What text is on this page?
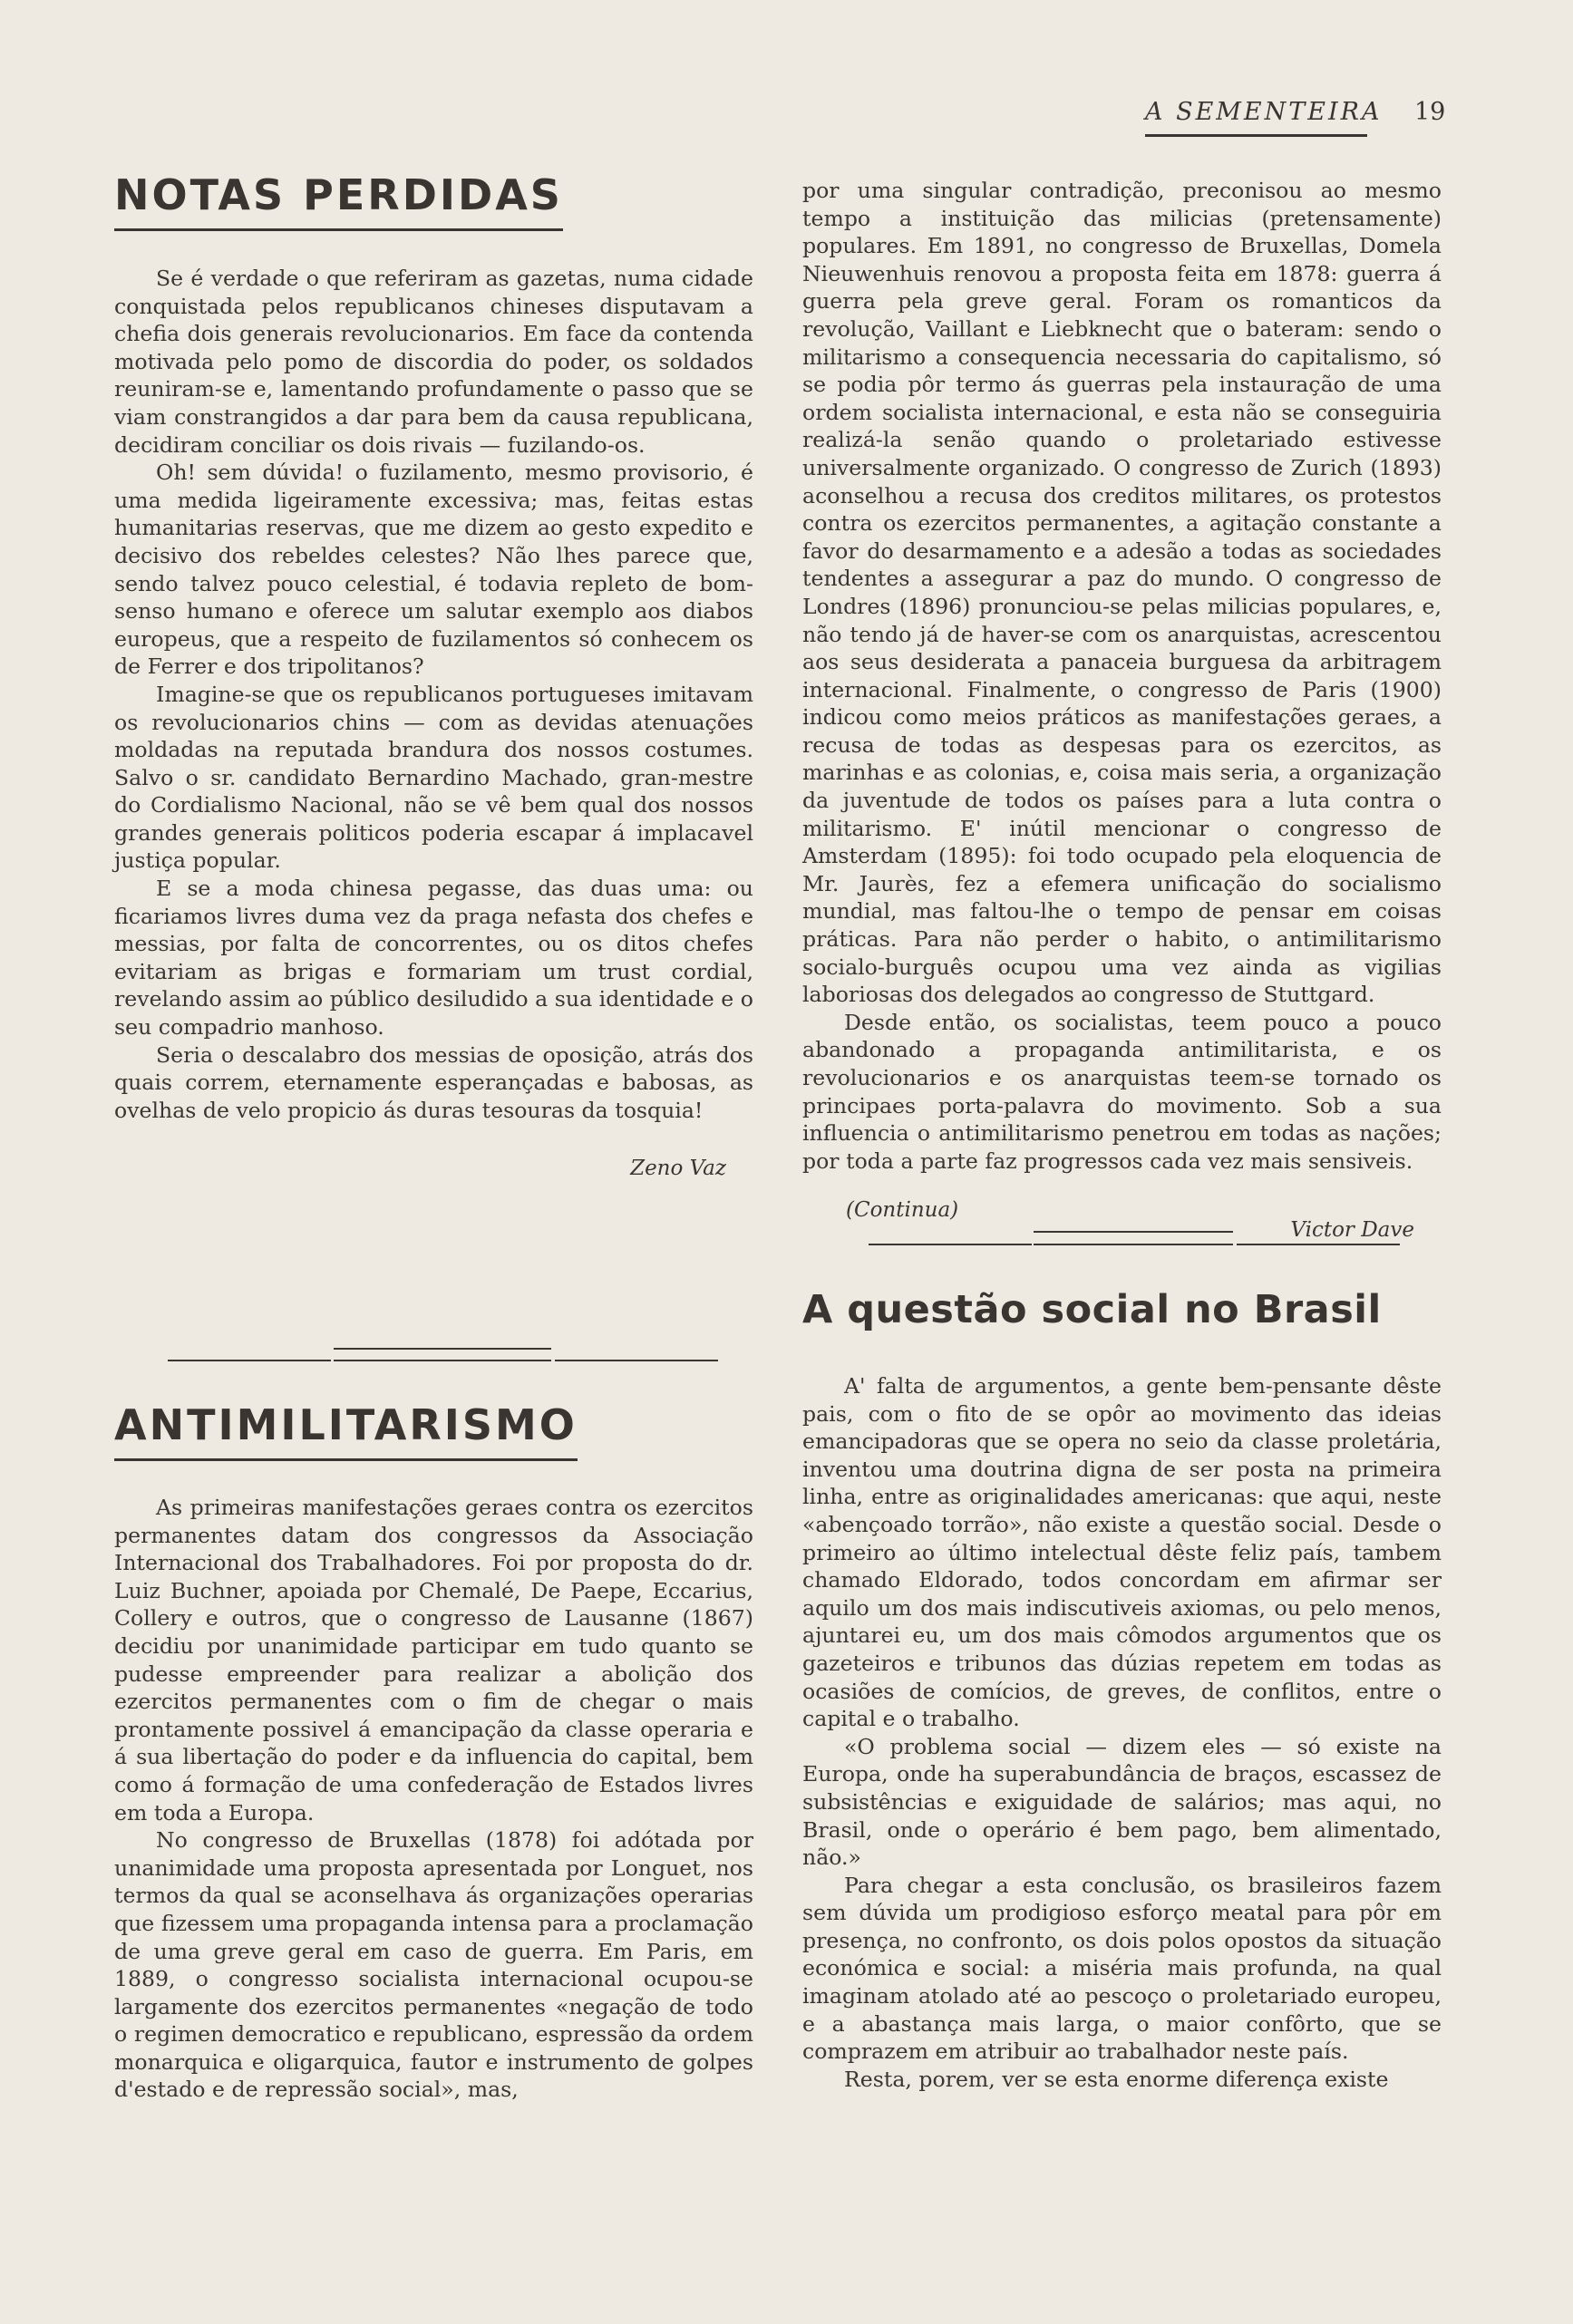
A SEMENTEIRA 19
NOTAS PERDIDAS

Se é verdade o que referiram as gazetas, numa cidade conquistada pelos republicanos chineses disputavam a chefia dois generais revolucionarios. Em face da contenda motivada pelo pomo de discordia do poder, os soldados reuniram-se e, lamentando profundamente o passo que se viam constrangidos a dar para bem da causa republicana, decidiram conciliar os dois rivais — fuzilando-os.

Oh! sem dúvida! o fuzilamento, mesmo provisorio, é uma medida ligeiramente excessiva; mas, feitas estas humanitarias reservas, que me dizem ao gesto expedito e decisivo dos rebeldes celestes? Não lhes parece que, sendo talvez pouco celestial, é todavia repleto de bom-senso humano e oferece um salutar exemplo aos diabos europeus, que a respeito de fuzilamentos só conhecem os de Ferrer e dos tripolitanos?

Imagine-se que os republicanos portugueses imitavam os revolucionarios chins — com as devidas atenuações moldadas na reputada brandura dos nossos costumes. Salvo o sr. candidato Bernardino Machado, gran-mestre do Cordialismo Nacional, não se vê bem qual dos nossos grandes generais politicos poderia escapar á implacavel justiça popular.

E se a moda chinesa pegasse, das duas uma: ou ficariamos livres duma vez da praga nefasta dos chefes e messias, por falta de concorrentes, ou os ditos chefes evitariam as brigas e formariam um trust cordial, revelando assim ao público desiludido a sua identidade e o seu compadrio manhoso.

Seria o descalabro dos messias de oposição, atrás dos quais correm, eternamente esperançadas e babosas, as ovelhas de velo propicio ás duras tesouras da tosquia!

Zeno Vaz
ANTIMILITARISMO

As primeiras manifestações geraes contra os ezercitos permanentes datam dos congressos da Associação Internacional dos Trabalhadores. Foi por proposta do dr. Luiz Buchner, apoiada por Chemalé, De Paepe, Eccarius, Collery e outros, que o congresso de Lausanne (1867) decidiu por unanimidade participar em tudo quanto se pudesse empreender para realizar a abolição dos ezercitos permanentes com o fim de chegar o mais prontamente possivel á emancipação da classe operaria e á sua libertação do poder e da influencia do capital, bem como á formação de uma confederação de Estados livres em toda a Europa.

No congresso de Bruxellas (1878) foi adótada por unanimidade uma proposta apresentada por Longuet, nos termos da qual se aconselhava ás organizações operarias que fizessem uma propaganda intensa para a proclamação de uma greve geral em caso de guerra. Em Paris, em 1889, o congresso socialista internacional ocupou-se largamente dos ezercitos permanentes «negação de todo o regimen democratico e republicano, espressão da ordem monarquica e oligarquica, fautor e instrumento de golpes d'estado e de repressão social», mas,

por uma singular contradição, preconisou ao mesmo tempo a instituição das milicias (pretensamente) populares. Em 1891, no congresso de Bruxellas, Domela Nieuwenhuis renovou a proposta feita em 1878: guerra á guerra pela greve geral. Foram os romanticos da revolução, Vaillant e Liebknecht que o bateram: sendo o militarismo a consequencia necessaria do capitalismo, só se podia pôr termo ás guerras pela instauração de uma ordem socialista internacional, e esta não se conseguiria realizá-la senão quando o proletariado estivesse universalmente organizado. O congresso de Zurich (1893) aconselhou a recusa dos creditos militares, os protestos contra os ezercitos permanentes, a agitação constante a favor do desarmamento e a adesão a todas as sociedades tendentes a assegurar a paz do mundo. O congresso de Londres (1896) pronunciou-se pelas milicias populares, e, não tendo já de haver-se com os anarquistas, acrescentou aos seus desiderata a panaceia burguesa da arbitragem internacional. Finalmente, o congresso de Paris (1900) indicou como meios práticos as manifestações geraes, a recusa de todas as despesas para os ezercitos, as marinhas e as colonias, e, coisa mais seria, a organização da juventude de todos os países para a luta contra o militarismo. E' inútil mencionar o congresso de Amsterdam (1895): foi todo ocupado pela eloquencia de Mr. Jaurès, fez a efemera unificação do socialismo mundial, mas faltou-lhe o tempo de pensar em coisas práticas. Para não perder o habito, o antimilitarismo socialo-burguês ocupou uma vez ainda as vigilias laboriosas dos delegados ao congresso de Stuttgard.

Desde então, os socialistas, teem pouco a pouco abandonado a propaganda antimilitarista, e os revolucionarios e os anarquistas teem-se tornado os principaes porta-palavra do movimento. Sob a sua influencia o antimilitarismo penetrou em todas as nações; por toda a parte faz progressos cada vez mais sensiveis.

(Continua)
Victor Dave
A questão social no Brasil

A' falta de argumentos, a gente bem-pensante dêste pais, com o fito de se opôr ao movimento das ideias emancipadoras que se opera no seio da classe proletária, inventou uma doutrina digna de ser posta na primeira linha, entre as originalidades americanas: que aqui, neste «abençoado torrão», não existe a questão social. Desde o primeiro ao último intelectual dêste feliz país, tambem chamado Eldorado, todos concordam em afirmar ser aquilo um dos mais indiscutiveis axiomas, ou pelo menos, ajuntarei eu, um dos mais cômodos argumentos que os gazeteiros e tribunos das dúzias repetem em todas as ocasiões de comícios, de greves, de conflitos, entre o capital e o trabalho.

«O problema social — dizem eles — só existe na Europa, onde ha superabundância de braços, escassez de subsistências e exiguidade de salários; mas aqui, no Brasil, onde o operário é bem pago, bem alimentado, não.»

Para chegar a esta conclusão, os brasileiros fazem sem dúvida um prodigioso esforço meatal para pôr em presença, no confronto, os dois polos opostos da situação económica e social: a miséria mais profunda, na qual imaginam atolado até ao pescoço o proletariado europeu, e a abastança mais larga, o maior confôrto, que se comprazem em atribuir ao trabalhador neste país.

Resta, porem, ver se esta enorme diferença existe
